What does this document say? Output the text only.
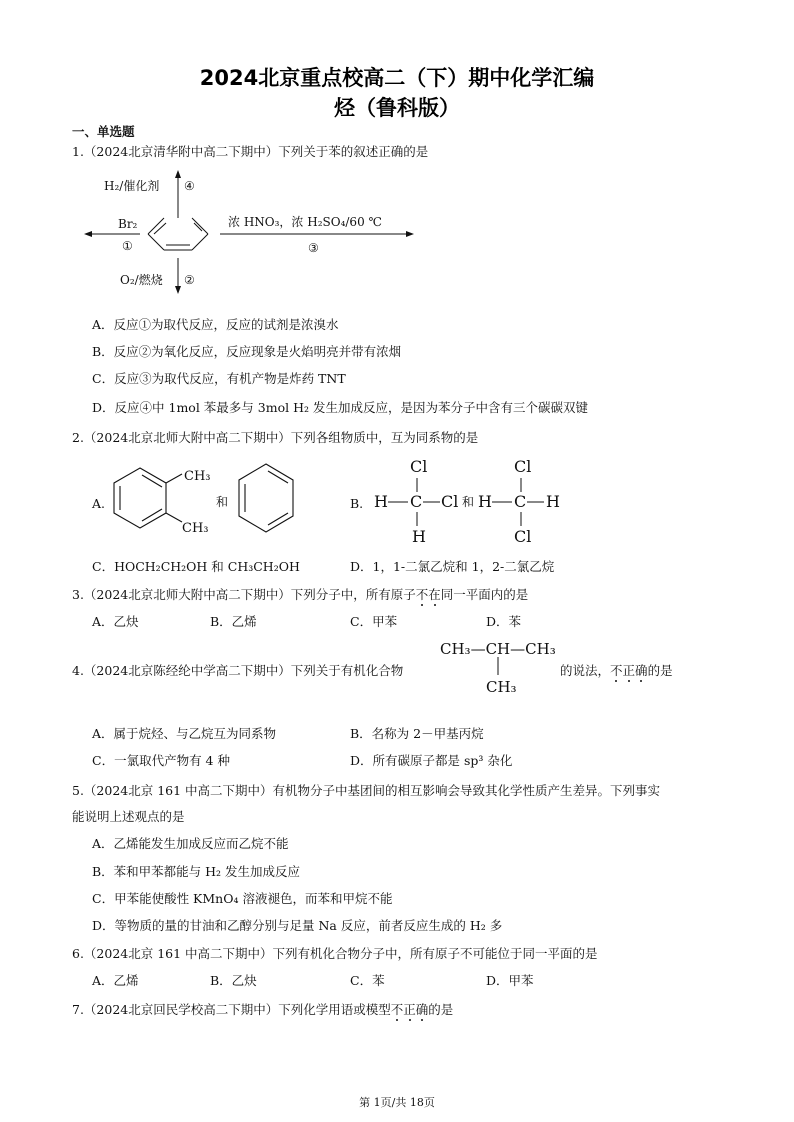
2024北京重点校高二（下）期中化学汇编
烃（鲁科版）
一、单选题
1.（2024北京清华附中高二下期中）下列关于苯的叙述正确的是
H₂/催化剂 ④
Br₂
①
浓 HNO₃，浓 H₂SO₄/60 ℃
③
O₂/燃烧 ②
A．反应①为取代反应，反应的试剂是浓溴水
B．反应②为氧化反应，反应现象是火焰明亮并带有浓烟
C．反应③为取代反应，有机产物是炸药 TNT
D．反应④中 1mol 苯最多与 3mol H₂ 发生加成反应，是因为苯分子中含有三个碳碳双键
2.（2024北京北师大附中高二下期中）下列各组物质中，互为同系物的是
A.
CH₃
CH₃
和	B.
Cl
H C Cl
H
和
Cl
H C H
Cl
C．HOCH₂CH₂OH 和 CH₃CH₂OH	D．1，1-二氯乙烷和 1，2-二氯乙烷
3.（2024北京北师大附中高二下期中）下列分子中，所有原子不在同一平面内的是
A．乙炔	B．乙烯	C．甲苯	D．苯
4.（2024北京陈经纶中学高二下期中）下列关于有机化合物
CH₃—CH—CH₃
CH₃
的说法，不正确的是
A．属于烷烃、与乙烷互为同系物	B．名称为 2－甲基丙烷
C．一氯取代产物有 4 种	D．所有碳原子都是 sp³ 杂化
5.（2024北京 161 中高二下期中）有机物分子中基团间的相互影响会导致其化学性质产生差异。下列事实
能说明上述观点的是
A．乙烯能发生加成反应而乙烷不能
B．苯和甲苯都能与 H₂ 发生加成反应
C．甲苯能使酸性 KMnO₄ 溶液褪色，而苯和甲烷不能
D．等物质的量的甘油和乙醇分别与足量 Na 反应，前者反应生成的 H₂ 多
6.（2024北京 161 中高二下期中）下列有机化合物分子中，所有原子不可能位于同一平面的是
A．乙烯	B．乙炔	C．苯	D．甲苯
7.（2024北京回民学校高二下期中）下列化学用语或模型不正确的是
第 1页/共 18页
